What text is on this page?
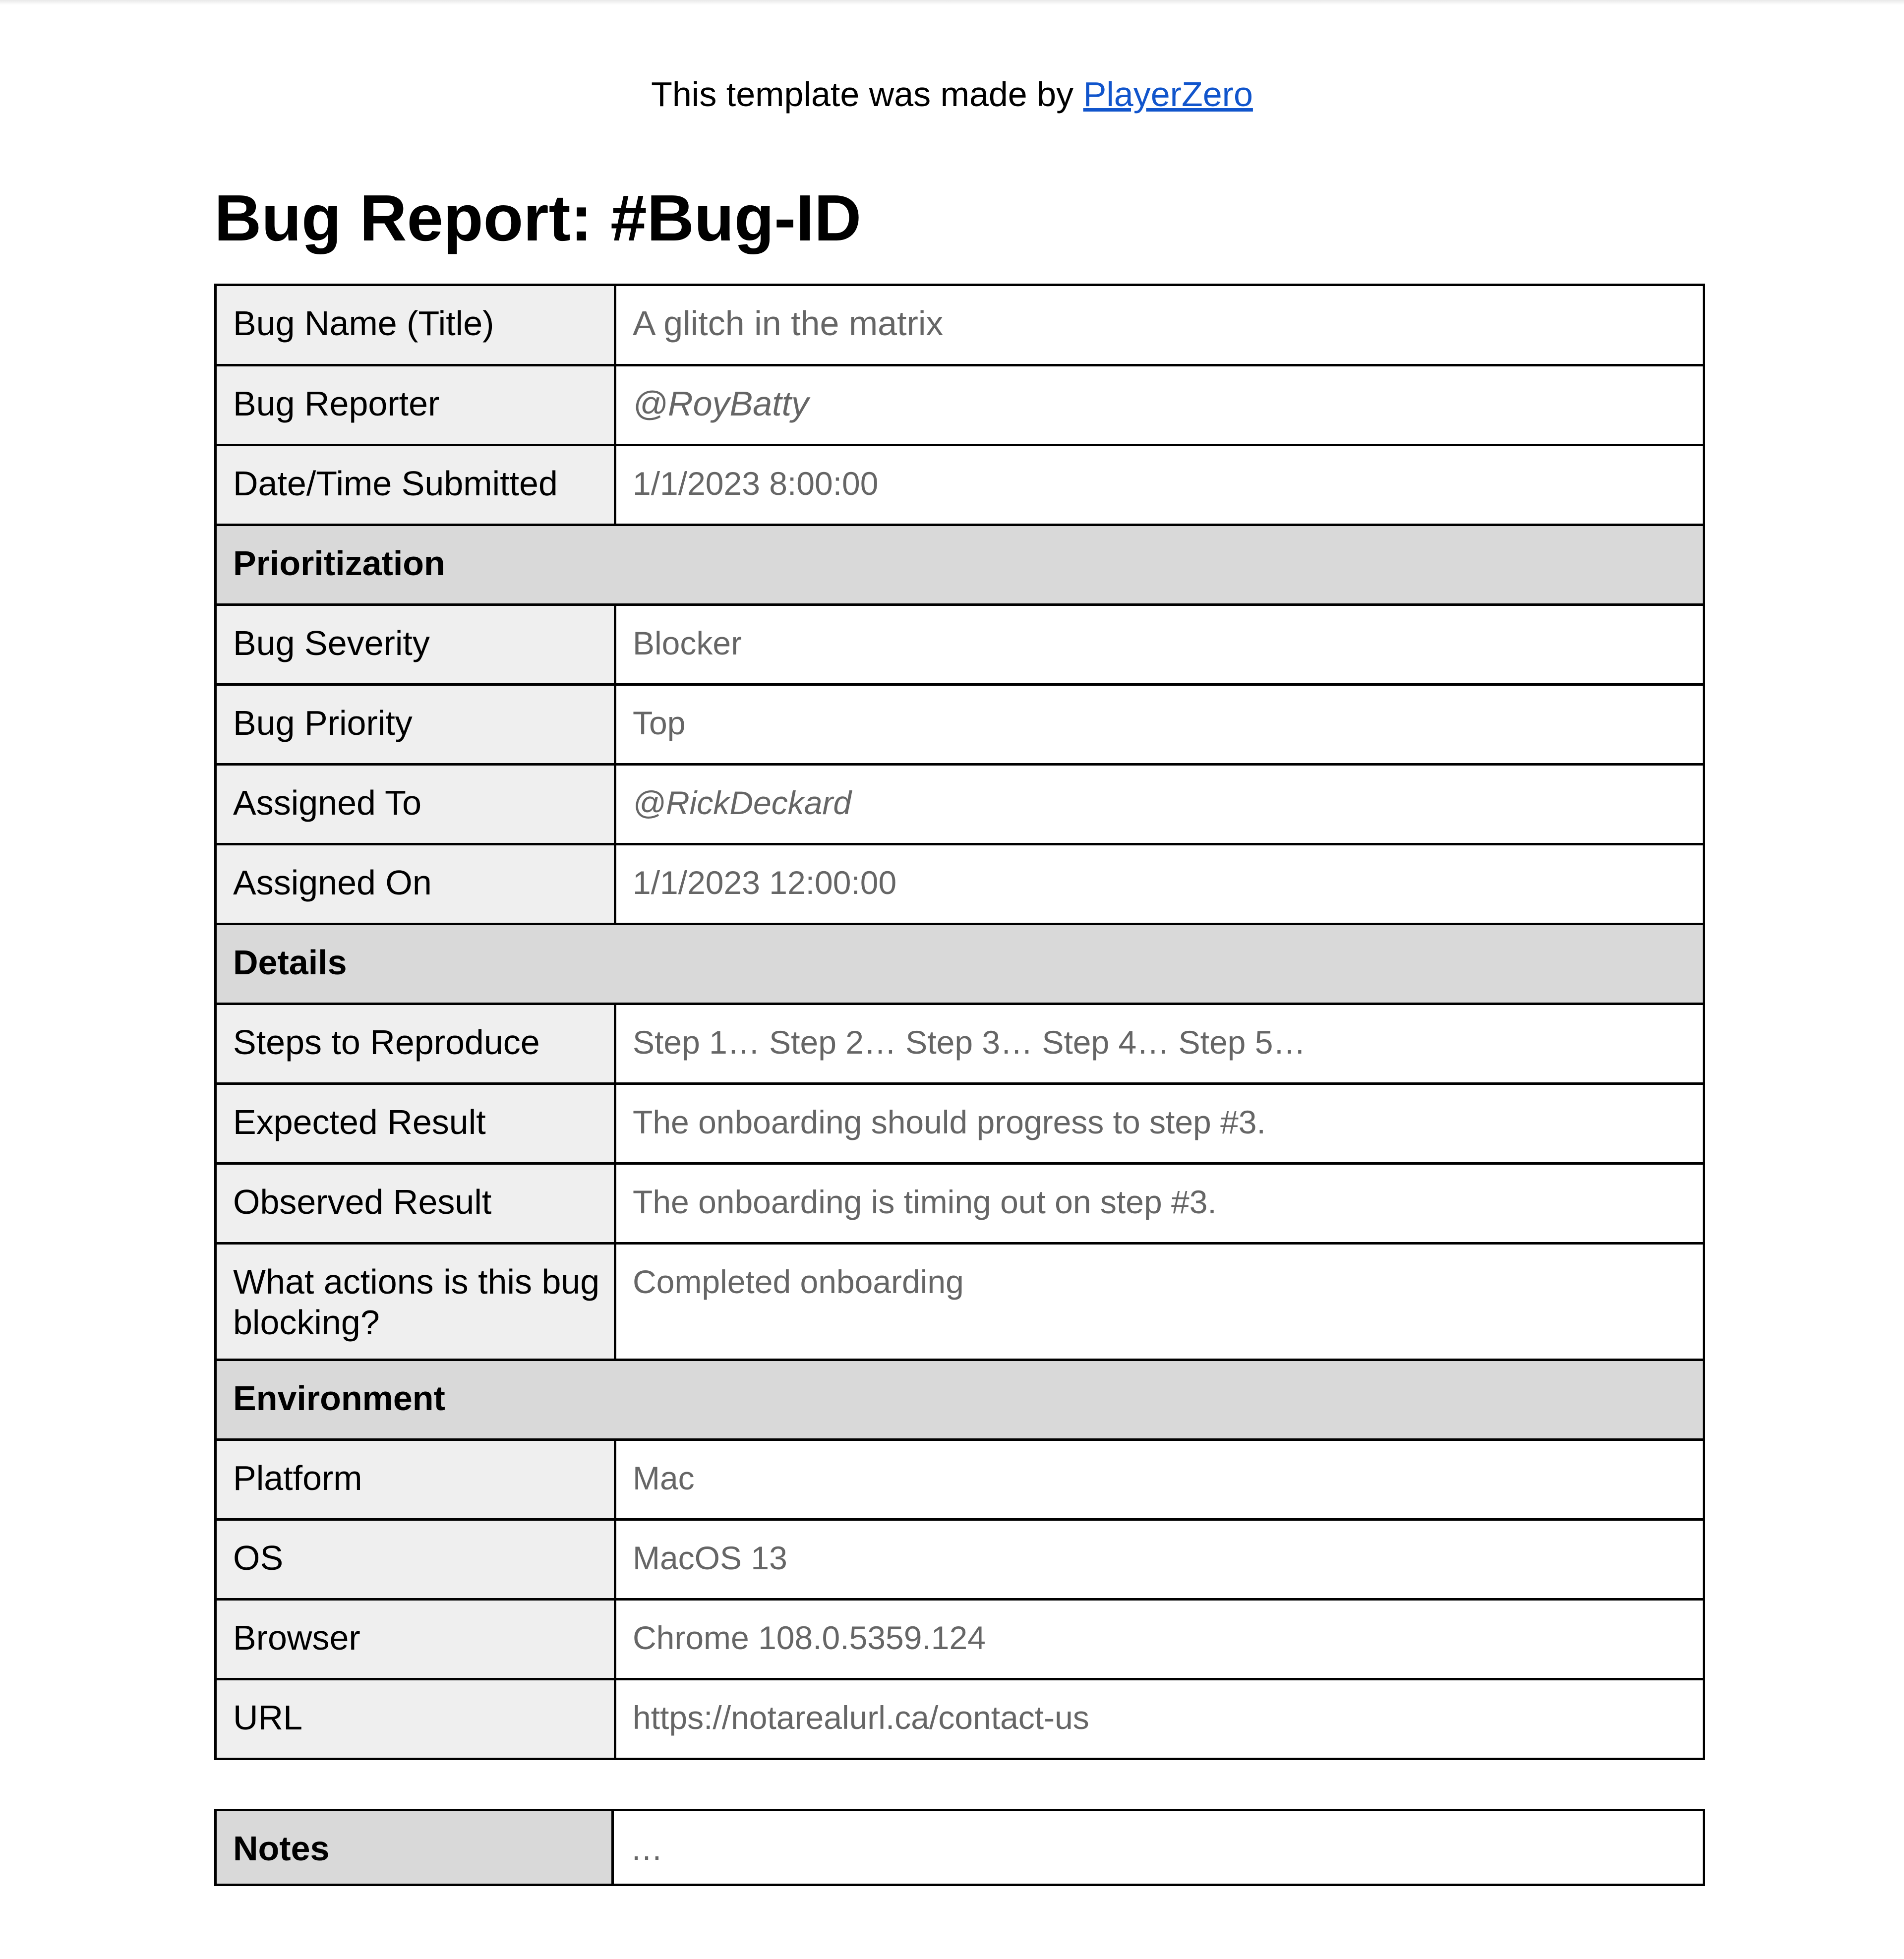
This template was made by PlayerZero
Bug Report: #Bug-ID
Bug Name (Title)	A glitch in the matrix
Bug Reporter	@RoyBatty
Date/Time Submitted	1/1/2023 8:00:00
Prioritization	
Bug Severity	Blocker
Bug Priority	Top
Assigned To	@RickDeckard
Assigned On	1/1/2023 12:00:00
Details	
Steps to Reproduce	Step 1… Step 2… Step 3… Step 4… Step 5…
Expected Result	The onboarding should progress to step #3.
Observed Result	The onboarding is timing out on step #3.
What actions is this bug blocking?	Completed onboarding
Environment	
Platform	Mac
OS	MacOS 13
Browser	Chrome 108.0.5359.124
URL	https://notarealurl.ca/contact-us
Notes	…
